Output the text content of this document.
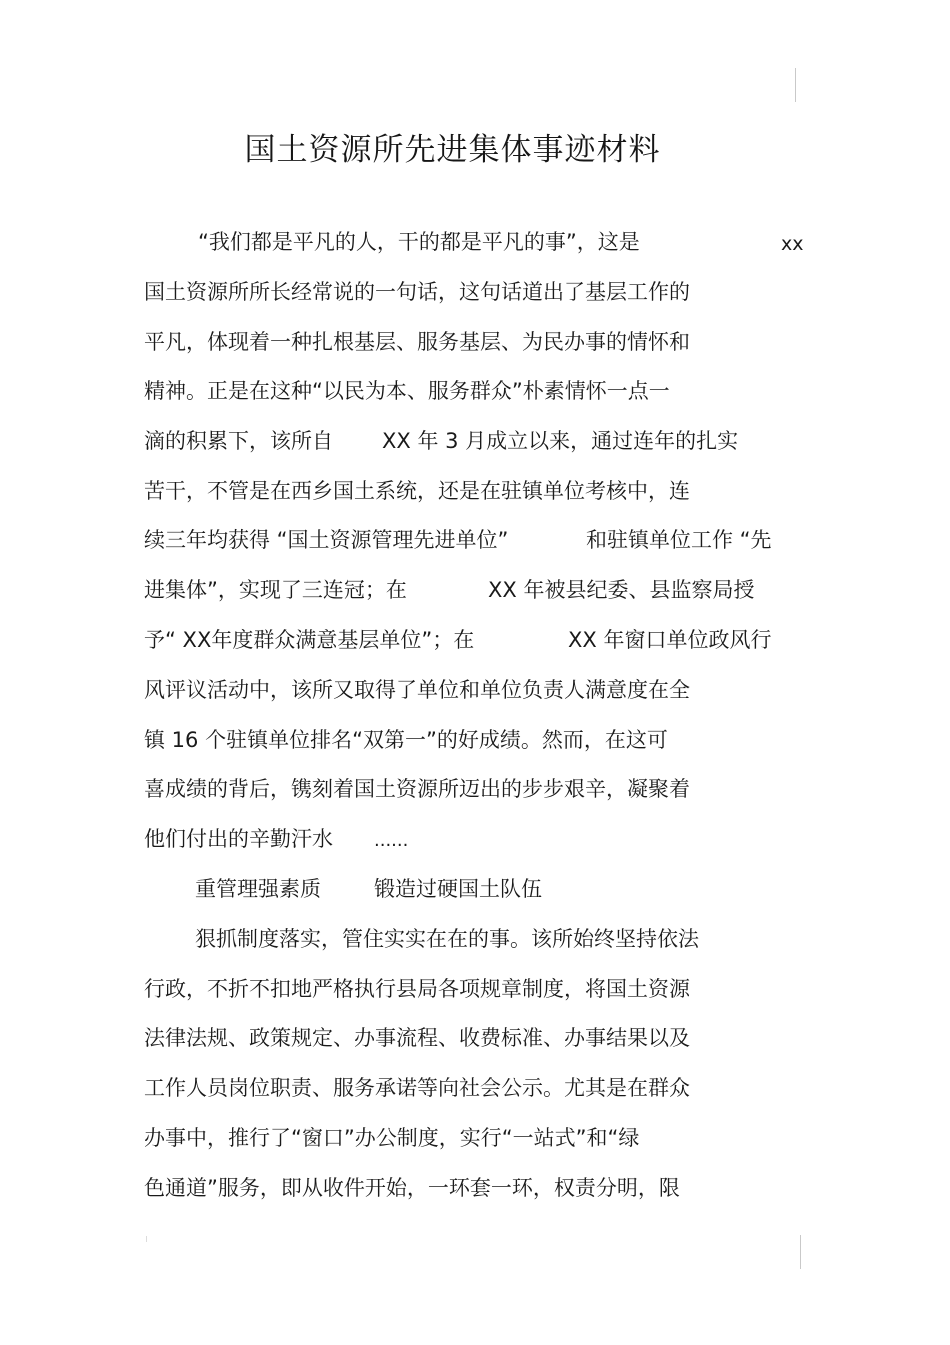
国土资源所先进集体事迹材料
“我们都是平凡的人，干的都是平凡的事”，这是	xx
国土资源所所长经常说的一句话，这句话道出了基层工作的
平凡，体现着一种扎根基层、服务基层、为民办事的情怀和
精神。正是在这种“以民为本、服务群众”朴素情怀一点一
滴的积累下，该所自 XX 年 3 月成立以来，通过连年的扎实
苦干，不管是在西乡国土系统，还是在驻镇单位考核中，连
续三年均获得 “国土资源管理先进单位”	和驻镇单位工作 “先
进集体”，实现了三连冠；在	XX 年被县纪委、县监察局授
予“ XX年度群众满意基层单位”；在	XX 年窗口单位政风行
风评议活动中，该所又取得了单位和单位负责人满意度在全
镇 16 个驻镇单位排名“双第一”的好成绩。然而，在这可
喜成绩的背后，镌刻着国土资源所迈出的步步艰辛，凝聚着
他们付出的辛勤汗水 ......
重管理强素质	锻造过硬国土队伍
狠抓制度落实，管住实实在在的事。该所始终坚持依法
行政，不折不扣地严格执行县局各项规章制度，将国土资源
法律法规、政策规定、办事流程、收费标准、办事结果以及
工作人员岗位职责、服务承诺等向社会公示。尤其是在群众
办事中，推行了“窗口”办公制度，实行“一站式”和“绿
色通道”服务，即从收件开始，一环套一环，权责分明，限
